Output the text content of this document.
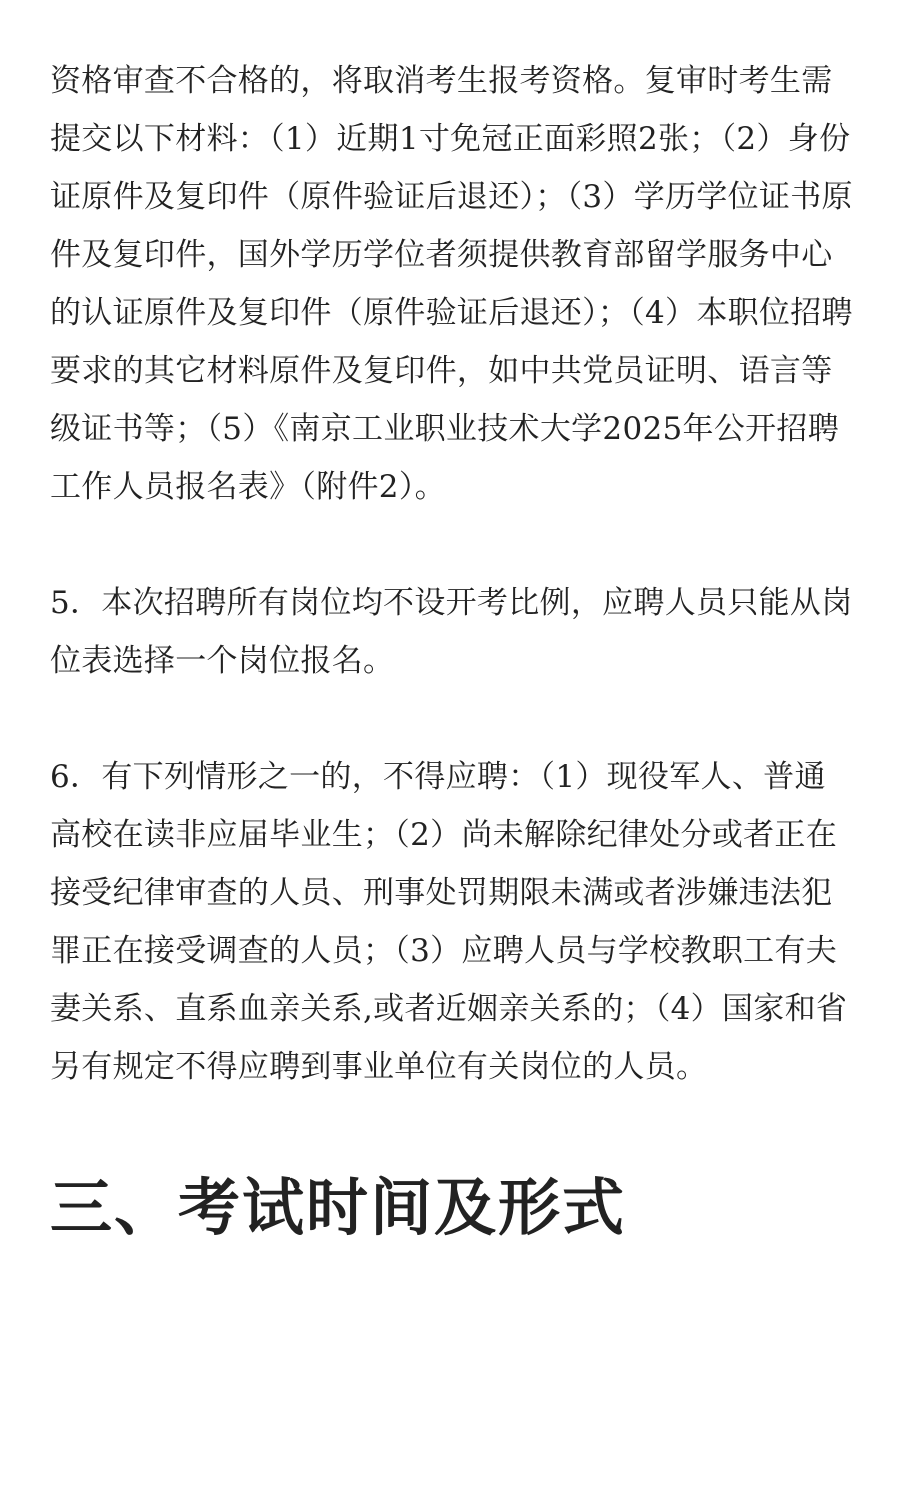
资格审查不合格的，将取消考生报考资格。复审时考生需提交以下材料：（1）近期1寸免冠正面彩照2张；（2）身份证原件及复印件（原件验证后退还）；（3）学历学位证书原件及复印件，国外学历学位者须提供教育部留学服务中心的认证原件及复印件（原件验证后退还）；（4）本职位招聘要求的其它材料原件及复印件，如中共党员证明、语言等级证书等；（5）《南京工业职业技术大学2025年公开招聘工作人员报名表》（附件2）。

5．本次招聘所有岗位均不设开考比例，应聘人员只能从岗位表选择一个岗位报名。

6．有下列情形之一的，不得应聘：（1）现役军人、普通高校在读非应届毕业生；（2）尚未解除纪律处分或者正在接受纪律审查的人员、刑事处罚期限未满或者涉嫌违法犯罪正在接受调查的人员；（3）应聘人员与学校教职工有夫妻关系、直系血亲关系,或者近姻亲关系的；（4）国家和省另有规定不得应聘到事业单位有关岗位的人员。

三、考试时间及形式
